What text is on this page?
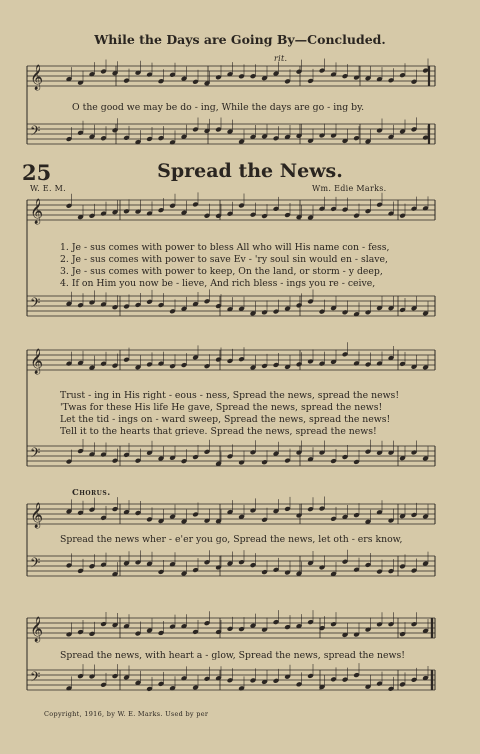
While the Days are Going By—Concluded.
𝄞
𝄢
𝄞
𝄢
𝄞
𝄢
𝄞
𝄢
𝄞
𝄢
rit.
O the good we may be do - ing, While the days are go - ing by.
25	Spread the News.
W. E. M.	Wm. Edie Marks.
1. Je - sus comes with power to bless All who will His name con - fess,
2. Je - sus comes with power to save Ev - 'ry soul sin would en - slave,
3. Je - sus comes with power to keep, On the land, or storm - y deep,
4. If on Him you now be - lieve, And rich bless - ings you re - ceive,
Trust - ing in His right - eous - ness, Spread the news, spread the news!
'Twas for these His life He gave, Spread the news, spread the news!
Let the tid - ings on - ward sweep, Spread the news, spread the news!
Tell it to the hearts that grieve. Spread the news, spread the news!
Chorus.
Spread the news wher - e'er you go, Spread the news, let oth - ers know,
Spread the news, with heart a - glow, Spread the news, spread the news!
Copyright, 1916, by W. E. Marks. Used by per
